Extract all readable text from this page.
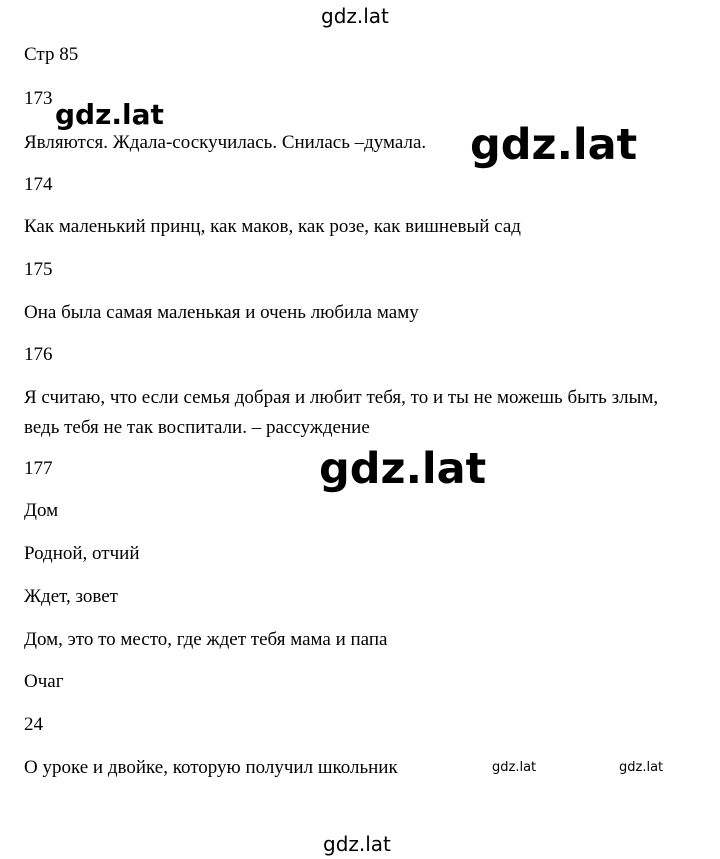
gdz.lat
Стр 85
173 gdz.lat
Являются. Ждала-соскучилась. Снилась –думала. gdz.lat
174
Как маленький принц, как маков, как розе, как вишневый сад
175
Она была самая маленькая и очень любила маму
176
Я считаю, что если семья добрая и любит тебя, то и ты не можешь быть злым, ведь тебя не так воспитали. – рассуждение
177	gdz.lat
Дом
Родной, отчий
Ждет, зовет
Дом, это то место, где ждет тебя мама и папа
Очаг
24
О уроке и двойке, которую получил школьник	gdz.lat	gdz.lat
gdz.lat
